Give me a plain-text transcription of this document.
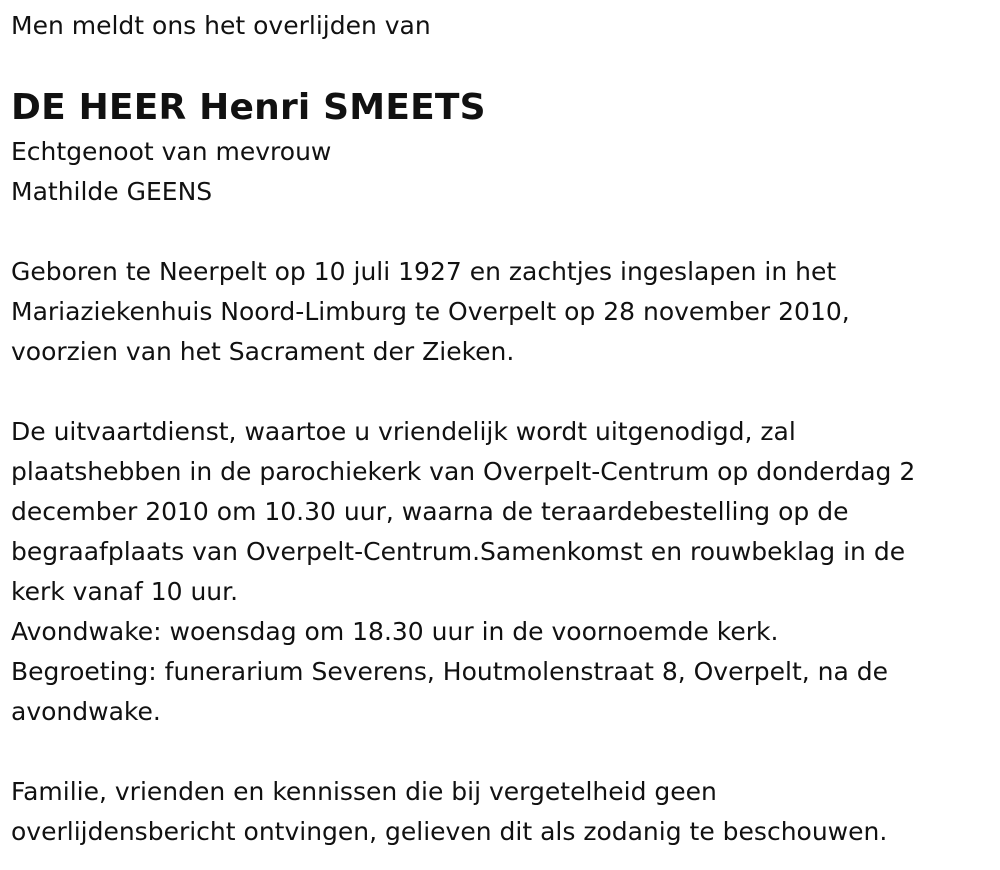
Men meldt ons het overlijden van

DE HEER Henri SMEETS

Echtgenoot van mevrouw

Mathilde GEENS

Geboren te Neerpelt op 10 juli 1927 en zachtjes ingeslapen in het

Mariaziekenhuis Noord-Limburg te Overpelt op 28 november 2010,

voorzien van het Sacrament der Zieken.

De uitvaartdienst, waartoe u vriendelijk wordt uitgenodigd, zal

plaatshebben in de parochiekerk van Overpelt-Centrum op donderdag 2

december 2010 om 10.30 uur, waarna de teraardebestelling op de

begraafplaats van Overpelt-Centrum.Samenkomst en rouwbeklag in de

kerk vanaf 10 uur.

Avondwake: woensdag om 18.30 uur in de voornoemde kerk.

Begroeting: funerarium Severens, Houtmolenstraat 8, Overpelt, na de

avondwake.

Familie, vrienden en kennissen die bij vergetelheid geen

overlijdensbericht ontvingen, gelieven dit als zodanig te beschouwen.
